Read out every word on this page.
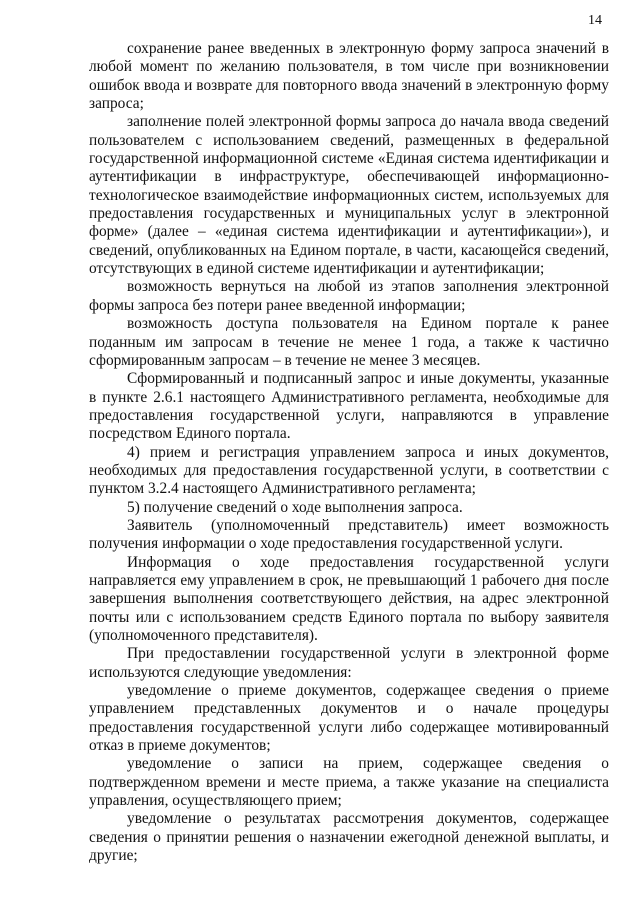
14

сохранение ранее введенных в электронную форму запроса значений в любой момент по желанию пользователя, в том числе при возникновении ошибок ввода и возврате для повторного ввода значений в электронную форму запроса;

заполнение полей электронной формы запроса до начала ввода сведений пользователем с использованием сведений, размещенных в федеральной государственной информационной системе «Единая система идентификации и аутентификации в инфраструктуре, обеспечивающей информационно-технологическое взаимодействие информационных систем, используемых для предоставления государственных и муниципальных услуг в электронной форме» (далее – «единая система идентификации и аутентификации»), и сведений, опубликованных на Едином портале, в части, касающейся сведений, отсутствующих в единой системе идентификации и аутентификации;

возможность вернуться на любой из этапов заполнения электронной формы запроса без потери ранее введенной информации;

возможность доступа пользователя на Едином портале к ранее поданным им запросам в течение не менее 1 года, а также к частично сформированным запросам – в течение не менее 3 месяцев.

Сформированный и подписанный запрос и иные документы, указанные в пункте 2.6.1 настоящего Административного регламента, необходимые для предоставления государственной услуги, направляются в управление посредством Единого портала.

4) прием и регистрация управлением запроса и иных документов, необходимых для предоставления государственной услуги, в соответствии с пунктом 3.2.4 настоящего Административного регламента;

5) получение сведений о ходе выполнения запроса.

Заявитель (уполномоченный представитель) имеет возможность получения информации о ходе предоставления государственной услуги.

Информация о ходе предоставления государственной услуги направляется ему управлением в срок, не превышающий 1 рабочего дня после завершения выполнения соответствующего действия, на адрес электронной почты или с использованием средств Единого портала по выбору заявителя (уполномоченного представителя).

При предоставлении государственной услуги в электронной форме используются следующие уведомления:

уведомление о приеме документов, содержащее сведения о приеме управлением представленных документов и о начале процедуры предоставления государственной услуги либо содержащее мотивированный отказ в приеме документов;

уведомление о записи на прием, содержащее сведения о подтвержденном времени и месте приема, а также указание на специалиста управления, осуществляющего прием;

уведомление о результатах рассмотрения документов, содержащее сведения о принятии решения о назначении ежегодной денежной выплаты, и другие;
